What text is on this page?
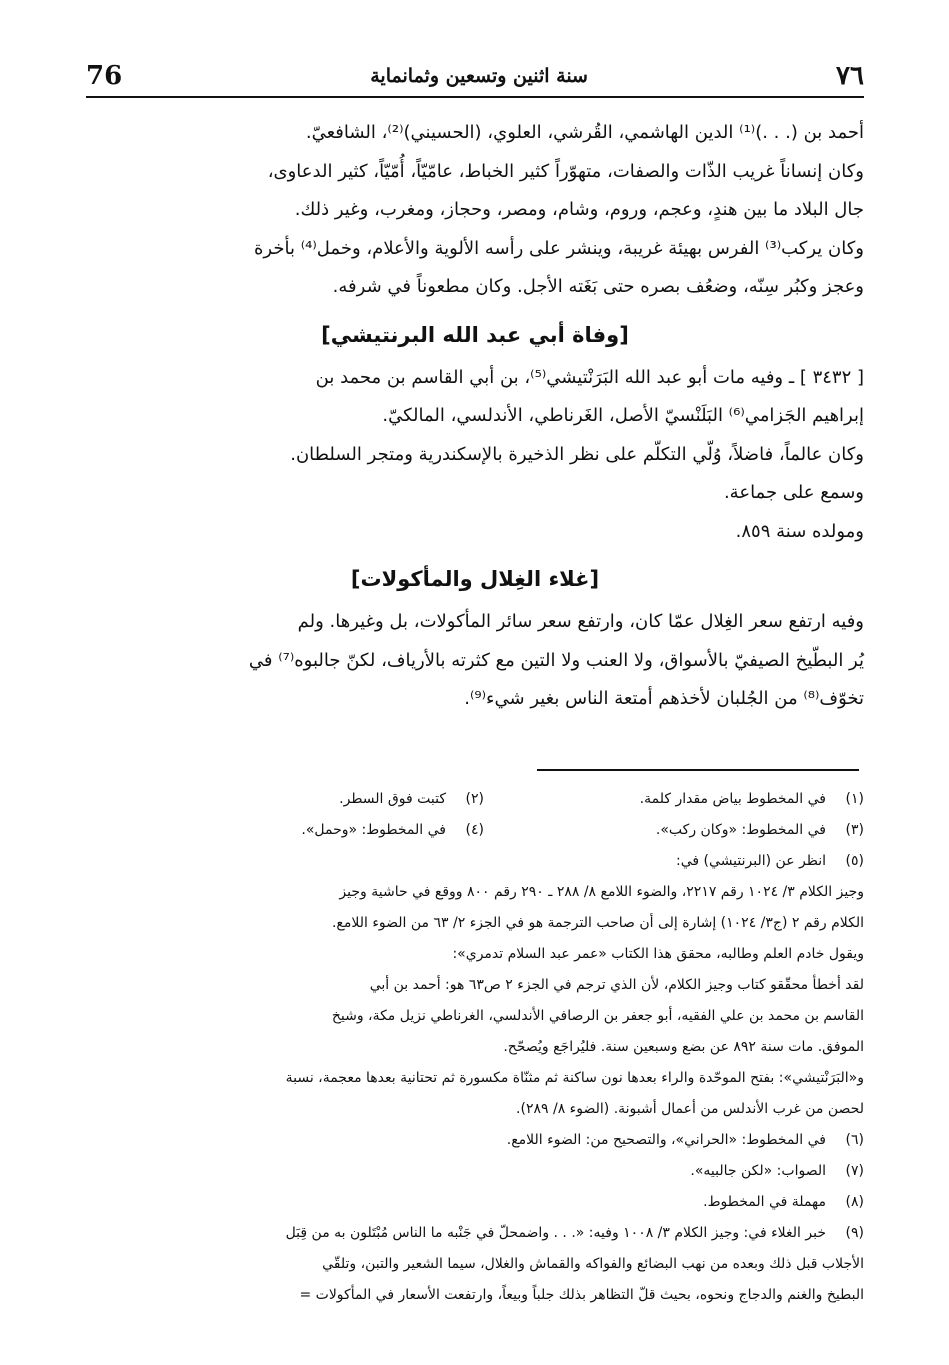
76	سنة اثنين وتسعين وثمانماية	٧٦

أحمد بن (. . .)⁽¹⁾ الدين الهاشمي، القُرشي، العلوي، (الحسيني)⁽²⁾، الشافعيّ.

وكان إنساناً غريب الذّات والصفات، متهوّراً كثير الخباط، عامّيّاً، أُمّيّاً، كثير الدعاوى،
جال البلاد ما بين هندٍ، وعجم، وروم، وشام، ومصر، وحجاز، ومغرب، وغير ذلك.
وكان يركب⁽³⁾ الفرس بهيئة غريبة، وينشر على رأسه الألوية والأعلام، وخمل⁽⁴⁾ بأخرة
وعجز وكبُر سِنّه، وضعُف بصره حتى بَغَته الأجل. وكان مطعوناً في شرفه.

[وفاة أبي عبد الله البرنتيشي]

[ ٣٤٣٢ ] ـ وفيه مات أبو عبد الله البَرَنْتيشي⁽⁵⁾، بن أبي القاسم بن محمد بن
إبراهيم الجَزامي⁽⁶⁾ البَلَنْسيّ الأصل، الغَرناطي، الأندلسي، المالكيّ.

وكان عالماً، فاضلاً، وُلّي التكلّم على نظر الذخيرة بالإسكندرية ومتجر السلطان.
وسمع على جماعة.

ومولده سنة ٨٥٩.

[غلاء الغِلال والمأكولات]

وفيه ارتفع سعر الغِلال عمّا كان، وارتفع سعر سائر المأكولات، بل وغيرها. ولم
يُر البطّيخ الصيفيّ بالأسواق، ولا العنب ولا التين مع كثرته بالأرياف، لكنّ جالبوه⁽⁷⁾ في
تخوّف⁽⁸⁾ من الجُلبان لأخذهم أمتعة الناس بغير شيء⁽⁹⁾.

(١)
في المخطوط بياض مقدار كلمة.
(٢)
كتبت فوق السطر.
(٣)
في المخطوط: «وكان ركب».
(٤)
في المخطوط: «وحمل».
(٥)
انظر عن (البرنتيشي) في:
وجيز الكلام ٣/ ١٠٢٤ رقم ٢٢١٧، والضوء اللامع ٨/ ٢٨٨ ـ ٢٩٠ رقم ٨٠٠ ووقع في حاشية وجيز
الكلام رقم ٢ (ج٣/ ١٠٢٤) إشارة إلى أن صاحب الترجمة هو في الجزء ٢/ ٦٣ من الضوء اللامع.
ويقول خادم العلم وطالبه، محقق هذا الكتاب «عمر عبد السلام تدمري»:
لقد أخطأ محقّقو كتاب وجيز الكلام، لأن الذي ترجم في الجزء ٢ ص٦٣ هو: أحمد بن أبي
القاسم بن محمد بن علي الفقيه، أبو جعفر بن الرصافي الأندلسي، الغرناطي نزيل مكة، وشيخ
الموفق. مات سنة ٨٩٢ عن بضع وسبعين سنة. فليُراجَع ويُصحّح.
و«البَرَنْتيشي»: بفتح الموحّدة والراء بعدها نون ساكنة ثم مثنّاة مكسورة ثم تحتانية بعدها معجمة، نسبة
لحصن من غرب الأندلس من أعمال أشبونة. (الضوء ٨/ ٢٨٩).
(٦)
في المخطوط: «الحراني»، والتصحيح من: الضوء اللامع.
(٧)
الصواب: «لكن جالبيه».
(٨)
مهملة في المخطوط.
(٩)
خبر الغلاء في: وجيز الكلام ٣/ ١٠٠٨ وفيه: «. . . واضمحلّ في جَنْبه ما الناس مُبْتَلون به من قِبَل
الأجلاب قبل ذلك وبعده من نهب البضائع والفواكه والقماش والغلال، سيما الشعير والتبن، وتلقّي
البطيخ والغنم والدجاج ونحوه، بحيث قلّ التظاهر بذلك جلباً وبيعاً، وارتفعت الأسعار في المأكولات =
